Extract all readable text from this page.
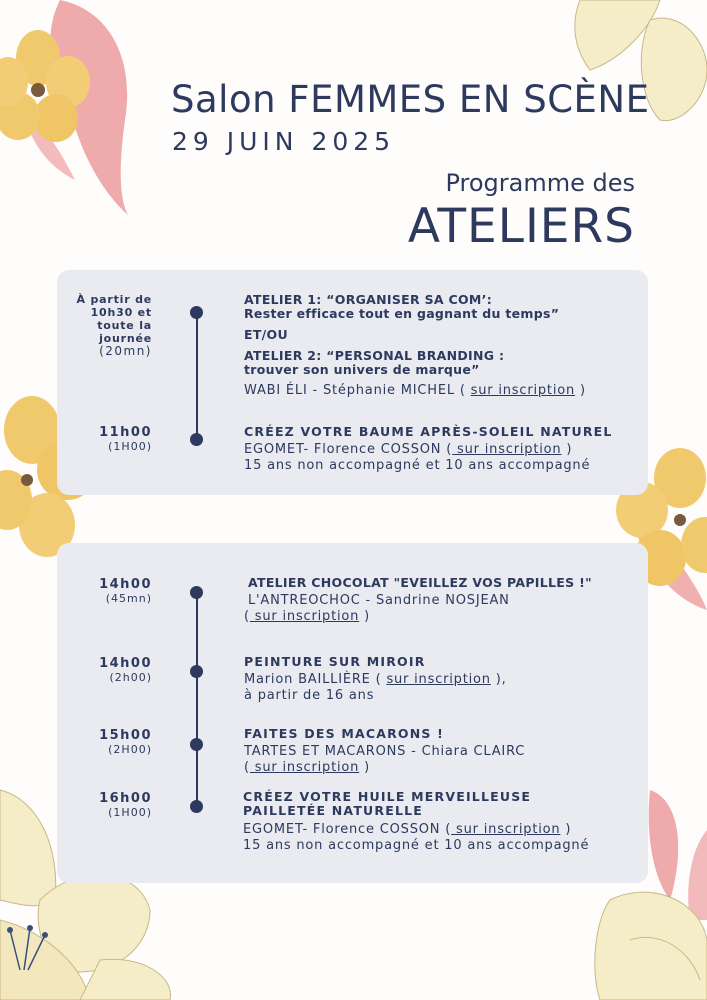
Salon FEMMES EN SCÈNE
29 JUIN 2025
Programme des
ATELIERS
À partir de
10h30 et
toute la
journée
(20mn)
ATELIER 1: “ORGANISER SA COM’:
Rester efficace tout en gagnant du temps”
ET/OU
ATELIER 2: “PERSONAL BRANDING :
trouver son univers de marque”
WABI ÉLI - Stéphanie MICHEL ( sur inscription )
11h00
(1H00)
CRÉEZ VOTRE BAUME APRÈS-SOLEIL NATUREL
EGOMET- Florence COSSON ( sur inscription )
15 ans non accompagné et 10 ans accompagné
14h00
(45mn)
ATELIER CHOCOLAT "EVEILLEZ VOS PAPILLES !"
L'ANTREOCHOC - Sandrine NOSJEAN
( sur inscription )
14h00
(2h00)
PEINTURE SUR MIROIR
Marion BAILLIÈRE ( sur inscription ),
à partir de 16 ans
15h00
(2H00)
FAITES DES MACARONS !
TARTES ET MACARONS - Chiara CLAIRC
( sur inscription )
16h00
(1H00)
CRÉEZ VOTRE HUILE MERVEILLEUSE
PAILLETÉE NATURELLE
EGOMET- Florence COSSON ( sur inscription )
15 ans non accompagné et 10 ans accompagné
